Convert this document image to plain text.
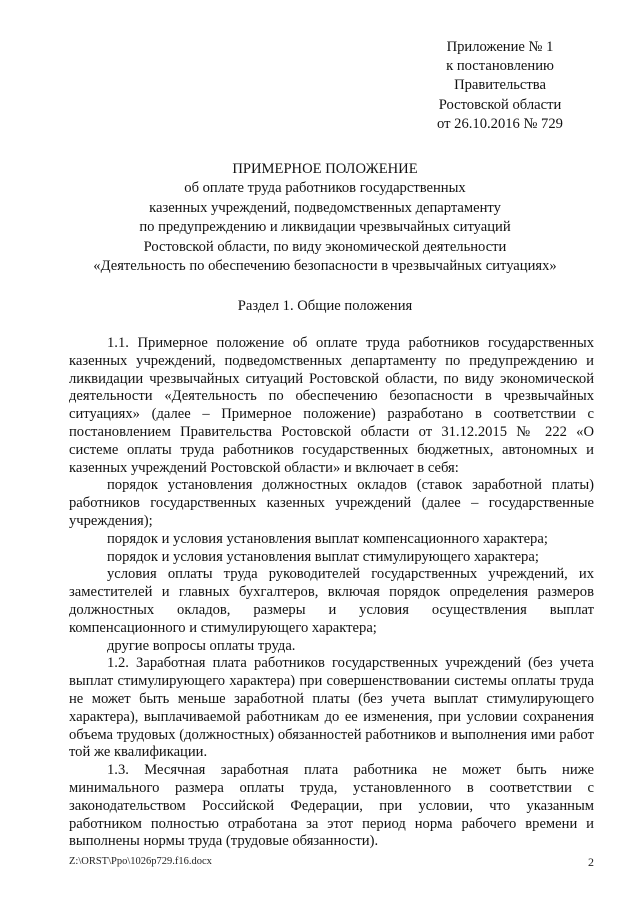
Приложение № 1
к постановлению
Правительства
Ростовской области
от 26.10.2016 № 729
ПРИМЕРНОЕ ПОЛОЖЕНИЕ
об оплате труда работников государственных
казенных учреждений, подведомственных департаменту
по предупреждению и ликвидации чрезвычайных ситуаций
Ростовской области, по виду экономической деятельности
«Деятельность по обеспечению безопасности в чрезвычайных ситуациях»
Раздел 1. Общие положения

1.1. Примерное положение об оплате труда работников государственных казенных учреждений, подведомственных департаменту по предупреждению и ликвидации чрезвычайных ситуаций Ростовской области, по виду экономической деятельности «Деятельность по обеспечению безопасности в чрезвычайных ситуациях» (далее – Примерное положение) разработано в соответствии с постановлением Правительства Ростовской области от 31.12.2015 № 222 «О системе оплаты труда работников государственных бюджетных, автономных и казенных учреждений Ростовской области» и включает в себя:

порядок установления должностных окладов (ставок заработной платы) работников государственных казенных учреждений (далее – государственные учреждения);

порядок и условия установления выплат компенсационного характера;

порядок и условия установления выплат стимулирующего характера;

условия оплаты труда руководителей государственных учреждений, их заместителей и главных бухгалтеров, включая порядок определения размеров должностных окладов, размеры и условия осуществления выплат компенсационного и стимулирующего характера;

другие вопросы оплаты труда.

1.2. Заработная плата работников государственных учреждений (без учета выплат стимулирующего характера) при совершенствовании системы оплаты труда не может быть меньше заработной платы (без учета выплат стимулирующего характера), выплачиваемой работникам до ее изменения, при условии сохранения объема трудовых (должностных) обязанностей работников и выполнения ими работ той же квалификации.

1.3. Месячная заработная плата работника не может быть ниже минимального размера оплаты труда, установленного в соответствии с законодательством Российской Федерации, при условии, что указанным работником полностью отработана за этот период норма рабочего времени и выполнены нормы труда (трудовые обязанности).

Z:\ORST\Ppo\1026p729.f16.docx	2
